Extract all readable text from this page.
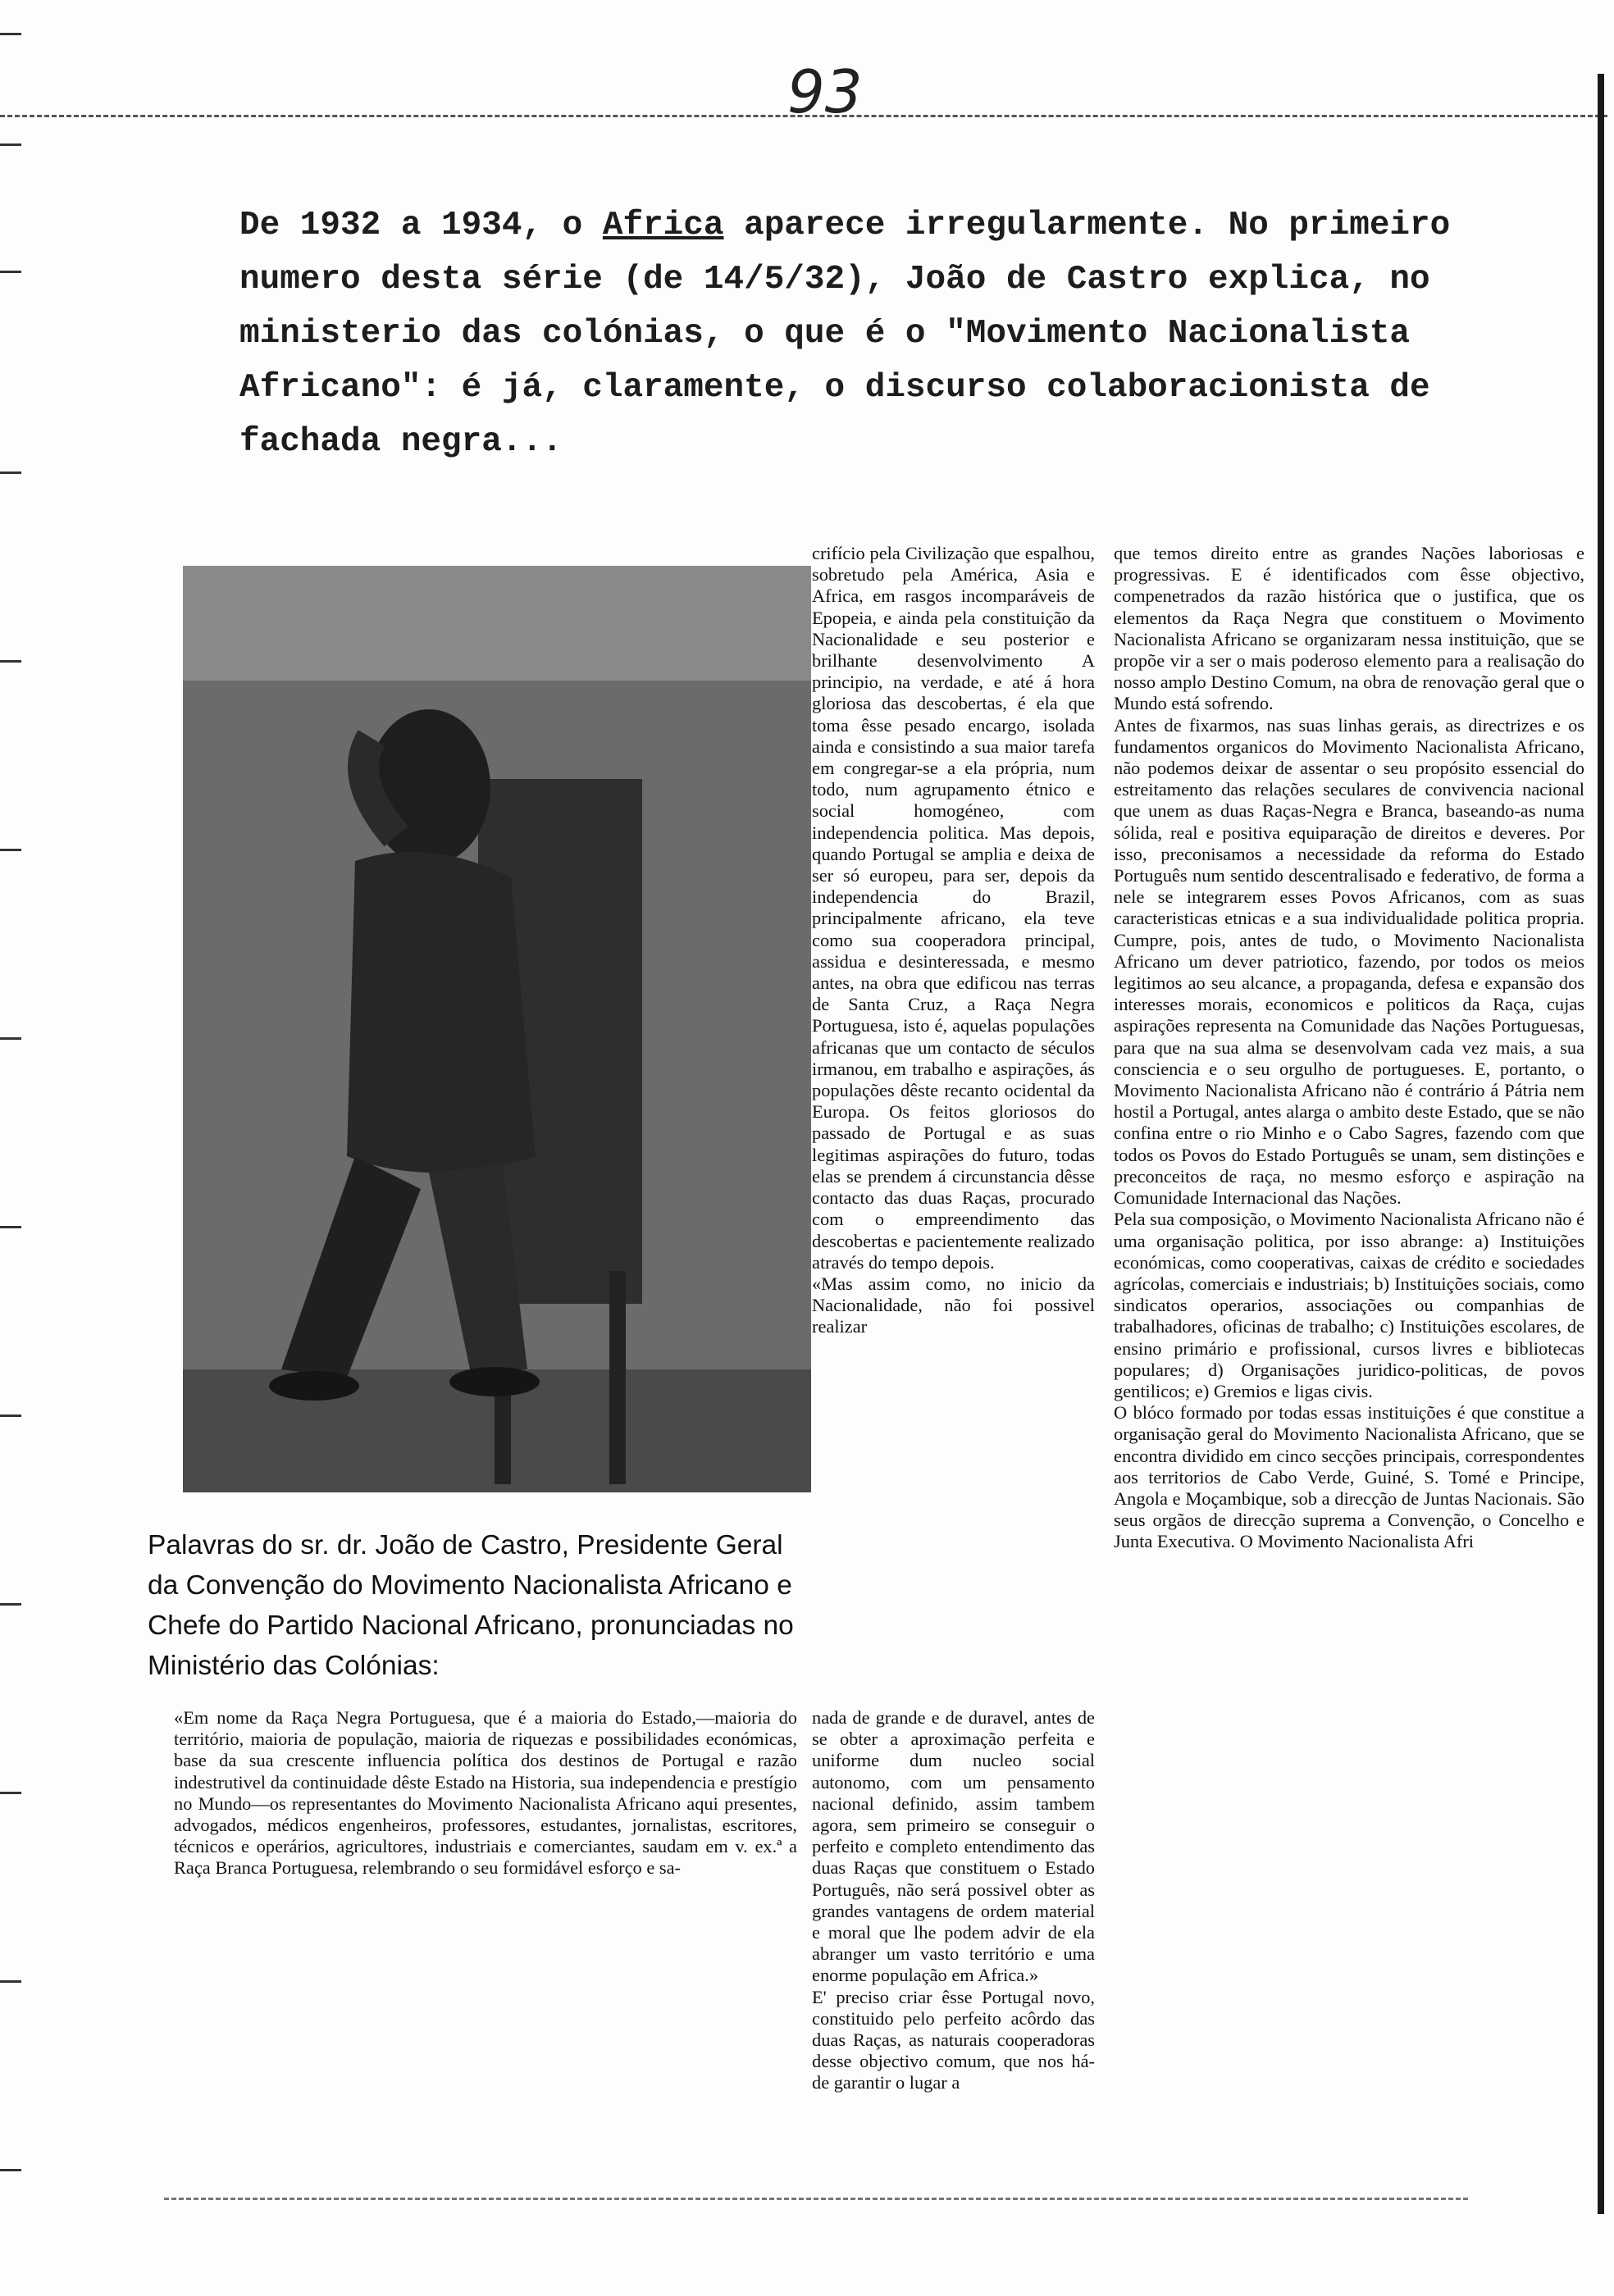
93

De 1932 a 1934, o Africa aparece irregularmente. No primeiro

numero desta série (de 14/5/32), João de Castro explica, no

ministerio das colónias, o que é o "Movimento Nacionalista

Africano": é já, claramente, o discurso colaboracionista de

fachada negra...

Palavras do sr. dr. João de Castro, Presidente Geral da Convenção do Movimento Nacionalista Africano e Chefe do Partido Nacional Africano, pronunciadas no Ministério das Colónias:
crifício pela Civilização que espalhou, sobretudo pela América, Asia e Africa, em rasgos incomparáveis de Epopeia, e ainda pela constituição da Nacionalidade e seu posterior e brilhante desenvolvimento A principio, na verdade, e até á hora gloriosa das descobertas, é ela que toma êsse pesado encargo, isolada ainda e consistindo a sua maior tarefa em congregar-se a ela própria, num todo, num agrupamento étnico e social homogéneo, com independencia politica. Mas depois, quando Portugal se amplia e deixa de ser só europeu, para ser, depois da independencia do Brazil, principalmente africano, ela teve como sua cooperadora principal, assidua e desinteressada, e mesmo antes, na obra que edificou nas terras de Santa Cruz, a Raça Negra Portuguesa, isto é, aquelas populações africanas que um contacto de séculos irmanou, em trabalho e aspirações, ás populações dêste recanto ocidental da Europa. Os feitos gloriosos do passado de Portugal e as suas legitimas aspirações do futuro, todas elas se prendem á circunstancia dêsse contacto das duas Raças, procurado com o empreendimento das descobertas e pacientemente realizado através do tempo depois.
«Mas assim como, no inicio da Nacionalidade, não foi possivel realizar
que temos direito entre as grandes Nações laboriosas e progressivas. E é identificados com êsse objectivo, compenetrados da razão histórica que o justifica, que os elementos da Raça Negra que constituem o Movimento Nacionalista Africano se organizaram nessa instituição, que se propõe vir a ser o mais poderoso elemento para a realisação do nosso amplo Destino Comum, na obra de renovação geral que o Mundo está sofrendo.
Antes de fixarmos, nas suas linhas gerais, as directrizes e os fundamentos organicos do Movimento Nacionalista Africano, não podemos deixar de assentar o seu propósito essencial do estreitamento das relações seculares de convivencia nacional que unem as duas Raças-Negra e Branca, baseando-as numa sólida, real e positiva equiparação de direitos e deveres. Por isso, preconisamos a necessidade da reforma do Estado Português num sentido descentralisado e federativo, de forma a nele se integrarem esses Povos Africanos, com as suas caracteristicas etnicas e a sua individualidade politica propria. Cumpre, pois, antes de tudo, o Movimento Nacionalista Africano um dever patriotico, fazendo, por todos os meios legitimos ao seu alcance, a propaganda, defesa e expansão dos interesses morais, economicos e politicos da Raça, cujas aspirações representa na Comunidade das Nações Portuguesas, para que na sua alma se desenvolvam cada vez mais, a sua consciencia e o seu orgulho de portugueses. E, portanto, o Movimento Nacionalista Africano não é contrário á Pátria nem hostil a Portugal, antes alarga o ambito deste Estado, que se não confina entre o rio Minho e o Cabo Sagres, fazendo com que todos os Povos do Estado Português se unam, sem distinções e preconceitos de raça, no mesmo esforço e aspiração na Comunidade Internacional das Nações.
Pela sua composição, o Movimento Nacionalista Africano não é uma organisação politica, por isso abrange: a) Instituições económicas, como cooperativas, caixas de crédito e sociedades agrícolas, comerciais e industriais; b) Instituições sociais, como sindicatos operarios, associações ou companhias de trabalhadores, oficinas de trabalho; c) Instituições escolares, de ensino primário e profissional, cursos livres e bibliotecas populares; d) Organisações juridico-politicas, de povos gentilicos; e) Gremios e ligas civis.
O blóco formado por todas essas instituições é que constitue a organisação geral do Movimento Nacionalista Africano, que se encontra dividido em cinco secções principais, correspondentes aos territorios de Cabo Verde, Guiné, S. Tomé e Principe, Angola e Moçambique, sob a direcção de Juntas Nacionais. São seus orgãos de direcção suprema a Convenção, o Concelho e Junta Executiva. O Movimento Nacionalista Afri
«Em nome da Raça Negra Portuguesa, que é a maioria do Estado,—maioria do território, maioria de população, maioria de riquezas e possibilidades económicas, base da sua crescente influencia política dos destinos de Portugal e razão indestrutivel da continuidade dêste Estado na Historia, sua independencia e prestígio no Mundo—os representantes do Movimento Nacionalista Africano aqui presentes, advogados, médicos engenheiros, professores, estudantes, jornalistas, escritores, técnicos e operários, agricultores, industriais e comerciantes, saudam em v. ex.ª a Raça Branca Portuguesa, relembrando o seu formidável esforço e sa-
nada de grande e de duravel, antes de se obter a aproximação perfeita e uniforme dum nucleo social autonomo, com um pensamento nacional definido, assim tambem agora, sem primeiro se conseguir o perfeito e completo entendimento das duas Raças que constituem o Estado Português, não será possivel obter as grandes vantagens de ordem material e moral que lhe podem advir de ela abranger um vasto território e uma enorme população em Africa.»
E' preciso criar êsse Portugal novo, constituido pelo perfeito acôrdo das duas Raças, as naturais cooperadoras desse objectivo comum, que nos há-de garantir o lugar a
